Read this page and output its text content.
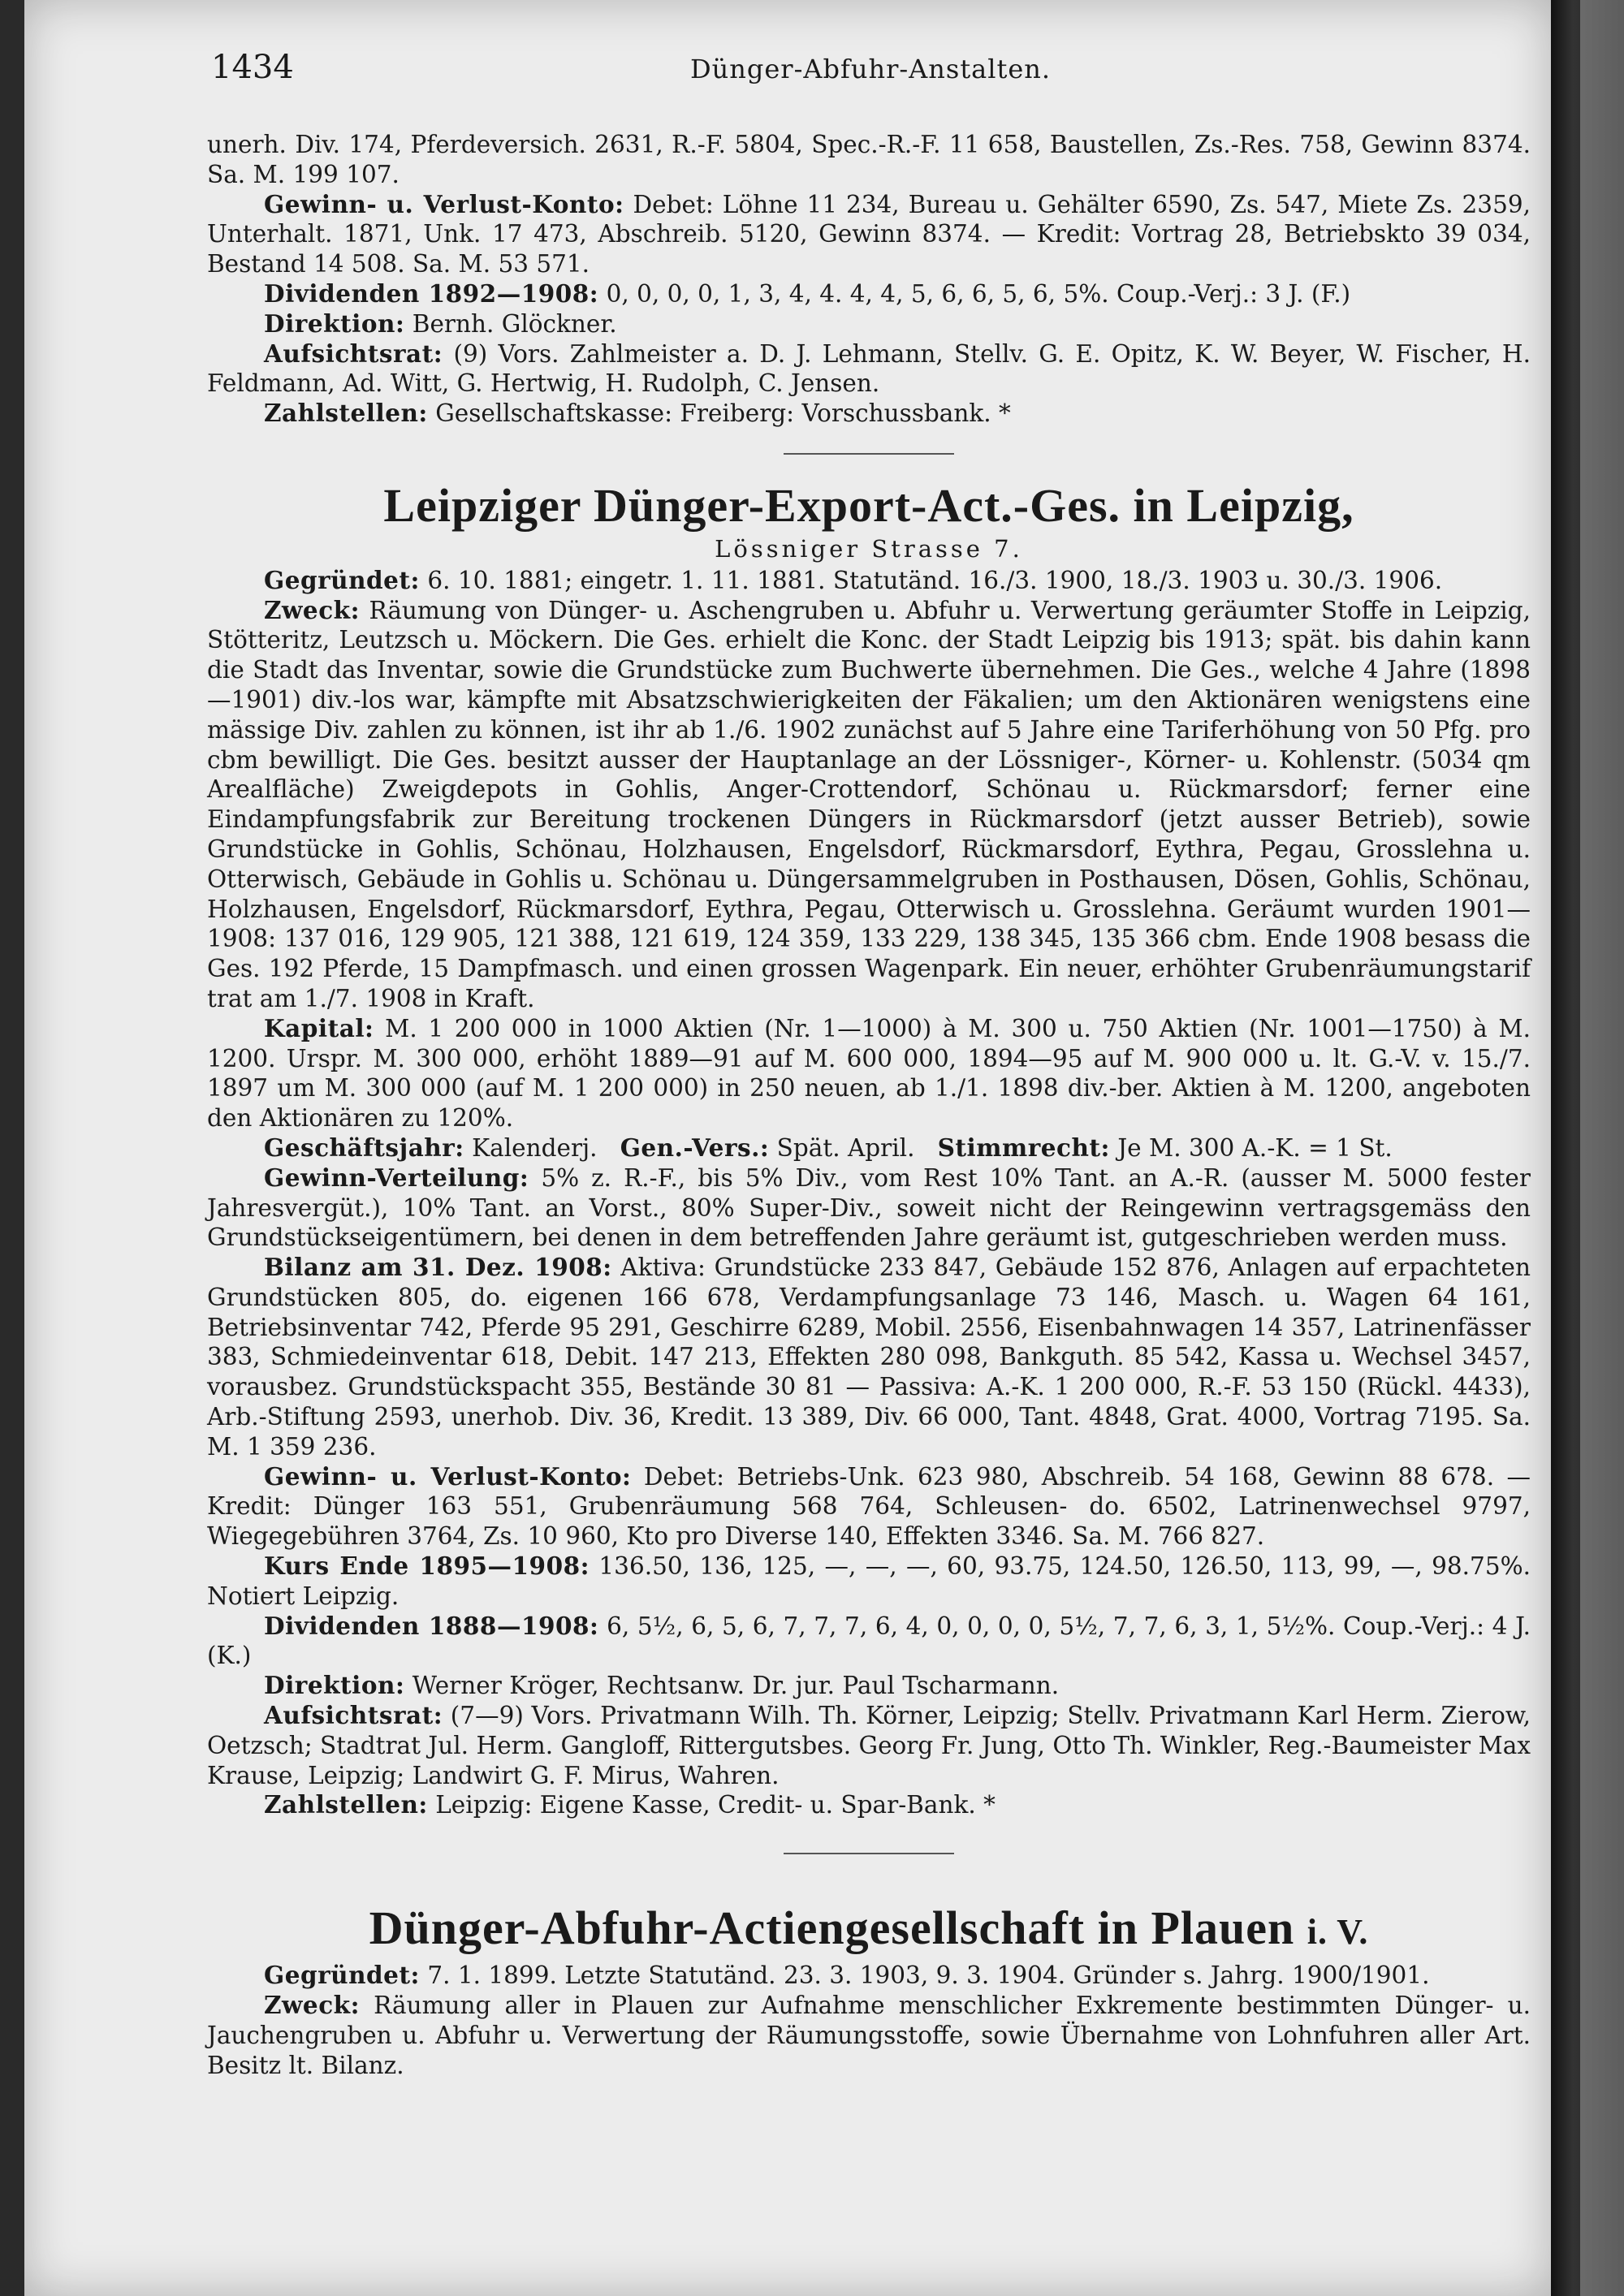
1434	Dünger-Abfuhr-Anstalten.

unerh. Div. 174, Pferdeversich. 2631, R.-F. 5804, Spec.-R.-F. 11 658, Baustellen, Zs.-Res. 758, Gewinn 8374. Sa. M. 199 107.

Gewinn- u. Verlust-Konto: Debet: Löhne 11 234, Bureau u. Gehälter 6590, Zs. 547, Miete Zs. 2359, Unterhalt. 1871, Unk. 17 473, Abschreib. 5120, Gewinn 8374. — Kredit: Vortrag 28, Betriebskto 39 034, Bestand 14 508. Sa. M. 53 571.

Dividenden 1892—1908: 0, 0, 0, 0, 1, 3, 4, 4. 4, 4, 5, 6, 6, 5, 6, 5%. Coup.-Verj.: 3 J. (F.)

Direktion: Bernh. Glöckner.

Aufsichtsrat: (9) Vors. Zahlmeister a. D. J. Lehmann, Stellv. G. E. Opitz, K. W. Beyer, W. Fischer, H. Feldmann, Ad. Witt, G. Hertwig, H. Rudolph, C. Jensen.

Zahlstellen: Gesellschaftskasse: Freiberg: Vorschussbank. *

Leipziger Dünger-Export-Act.-Ges. in Leipzig,

Lössniger Strasse 7.

Gegründet: 6. 10. 1881; eingetr. 1. 11. 1881. Statutänd. 16./3. 1900, 18./3. 1903 u. 30./3. 1906.

Zweck: Räumung von Dünger- u. Aschengruben u. Abfuhr u. Verwertung geräumter Stoffe in Leipzig, Stötteritz, Leutzsch u. Möckern. Die Ges. erhielt die Konc. der Stadt Leipzig bis 1913; spät. bis dahin kann die Stadt das Inventar, sowie die Grundstücke zum Buchwerte übernehmen. Die Ges., welche 4 Jahre (1898—1901) div.-los war, kämpfte mit Absatzschwierigkeiten der Fäkalien; um den Aktionären wenigstens eine mässige Div. zahlen zu können, ist ihr ab 1./6. 1902 zunächst auf 5 Jahre eine Tariferhöhung von 50 Pfg. pro cbm bewilligt. Die Ges. besitzt ausser der Hauptanlage an der Lössniger-, Körner- u. Kohlenstr. (5034 qm Arealfläche) Zweigdepots in Gohlis, Anger-Crottendorf, Schönau u. Rückmarsdorf; ferner eine Eindampfungsfabrik zur Bereitung trockenen Düngers in Rückmarsdorf (jetzt ausser Betrieb), sowie Grundstücke in Gohlis, Schönau, Holzhausen, Engelsdorf, Rückmarsdorf, Eythra, Pegau, Grosslehna u. Otterwisch, Gebäude in Gohlis u. Schönau u. Düngersammelgruben in Posthausen, Dösen, Gohlis, Schönau, Holzhausen, Engelsdorf, Rückmarsdorf, Eythra, Pegau, Otterwisch u. Grosslehna. Geräumt wurden 1901—1908: 137 016, 129 905, 121 388, 121 619, 124 359, 133 229, 138 345, 135 366 cbm. Ende 1908 besass die Ges. 192 Pferde, 15 Dampfmasch. und einen grossen Wagenpark. Ein neuer, erhöhter Grubenräumungstarif trat am 1./7. 1908 in Kraft.

Kapital: M. 1 200 000 in 1000 Aktien (Nr. 1—1000) à M. 300 u. 750 Aktien (Nr. 1001—1750) à M. 1200. Urspr. M. 300 000, erhöht 1889—91 auf M. 600 000, 1894—95 auf M. 900 000 u. lt. G.-V. v. 15./7. 1897 um M. 300 000 (auf M. 1 200 000) in 250 neuen, ab 1./1. 1898 div.-ber. Aktien à M. 1200, angeboten den Aktionären zu 120%.

Geschäftsjahr: Kalenderj. Gen.-Vers.: Spät. April. Stimmrecht: Je M. 300 A.-K. = 1 St.

Gewinn-Verteilung: 5% z. R.-F., bis 5% Div., vom Rest 10% Tant. an A.-R. (ausser M. 5000 fester Jahresvergüt.), 10% Tant. an Vorst., 80% Super-Div., soweit nicht der Reingewinn vertragsgemäss den Grundstückseigentümern, bei denen in dem betreffenden Jahre geräumt ist, gutgeschrieben werden muss.

Bilanz am 31. Dez. 1908: Aktiva: Grundstücke 233 847, Gebäude 152 876, Anlagen auf erpachteten Grundstücken 805, do. eigenen 166 678, Verdampfungsanlage 73 146, Masch. u. Wagen 64 161, Betriebsinventar 742, Pferde 95 291, Geschirre 6289, Mobil. 2556, Eisenbahnwagen 14 357, Latrinenfässer 383, Schmiedeinventar 618, Debit. 147 213, Effekten 280 098, Bankguth. 85 542, Kassa u. Wechsel 3457, vorausbez. Grundstückspacht 355, Bestände 30 81 — Passiva: A.-K. 1 200 000, R.-F. 53 150 (Rückl. 4433), Arb.-Stiftung 2593, unerhob. Div. 36, Kredit. 13 389, Div. 66 000, Tant. 4848, Grat. 4000, Vortrag 7195. Sa. M. 1 359 236.

Gewinn- u. Verlust-Konto: Debet: Betriebs-Unk. 623 980, Abschreib. 54 168, Gewinn 88 678. — Kredit: Dünger 163 551, Grubenräumung 568 764, Schleusen- do. 6502, Latrinenwechsel 9797, Wiegegebühren 3764, Zs. 10 960, Kto pro Diverse 140, Effekten 3346. Sa. M. 766 827.

Kurs Ende 1895—1908: 136.50, 136, 125, —, —, —, 60, 93.75, 124.50, 126.50, 113, 99, —, 98.75%. Notiert Leipzig.

Dividenden 1888—1908: 6, 5½, 6, 5, 6, 7, 7, 7, 6, 4, 0, 0, 0, 0, 5½, 7, 7, 6, 3, 1, 5½%. Coup.-Verj.: 4 J. (K.)

Direktion: Werner Kröger, Rechtsanw. Dr. jur. Paul Tscharmann.

Aufsichtsrat: (7—9) Vors. Privatmann Wilh. Th. Körner, Leipzig; Stellv. Privatmann Karl Herm. Zierow, Oetzsch; Stadtrat Jul. Herm. Gangloff, Rittergutsbes. Georg Fr. Jung, Otto Th. Winkler, Reg.-Baumeister Max Krause, Leipzig; Landwirt G. F. Mirus, Wahren.

Zahlstellen: Leipzig: Eigene Kasse, Credit- u. Spar-Bank. *

Dünger-Abfuhr-Actiengesellschaft in Plauen i. V.

Gegründet: 7. 1. 1899. Letzte Statutänd. 23. 3. 1903, 9. 3. 1904. Gründer s. Jahrg. 1900/1901.

Zweck: Räumung aller in Plauen zur Aufnahme menschlicher Exkremente bestimmten Dünger- u. Jauchengruben u. Abfuhr u. Verwertung der Räumungsstoffe, sowie Übernahme von Lohnfuhren aller Art. Besitz lt. Bilanz.
